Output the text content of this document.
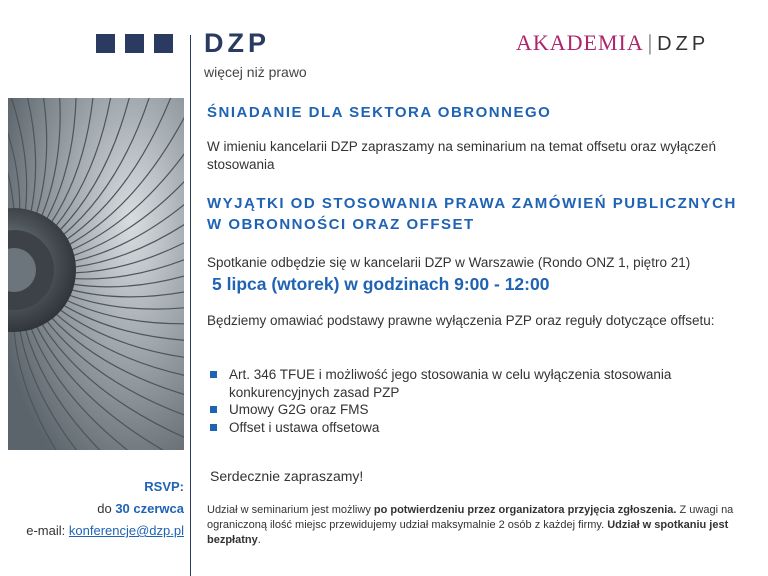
DZP
więcej niż prawo
AKADEMIA | DZP
ŚNIADANIE DLA SEKTORA OBRONNEGO
W imieniu kancelarii DZP zapraszamy na seminarium na temat offsetu oraz wyłączeń stosowania
WYJĄTKI OD STOSOWANIA PRAWA ZAMÓWIEŃ PUBLICZNYCH W OBRONNOŚCI ORAZ OFFSET
Spotkanie odbędzie się w kancelarii DZP w Warszawie (Rondo ONZ 1, piętro 21)
5 lipca (wtorek) w godzinach 9:00 - 12:00
Będziemy omawiać podstawy prawne wyłączenia PZP oraz reguły dotyczące offsetu:
Art. 346 TFUE i możliwość jego stosowania w celu wyłączenia stosowania konkurencyjnych zasad PZP
Umowy G2G oraz FMS
Offset i ustawa offsetowa
Serdecznie zapraszamy!
Udział w seminarium jest możliwy po potwierdzeniu przez organizatora przyjęcia zgłoszenia. Z uwagi na ograniczoną ilość miejsc przewidujemy udział maksymalnie 2 osób z każdej firmy. Udział w spotkaniu jest bezpłatny.
RSVP:
do 30 czerwca
e-mail: konferencje@dzp.pl
